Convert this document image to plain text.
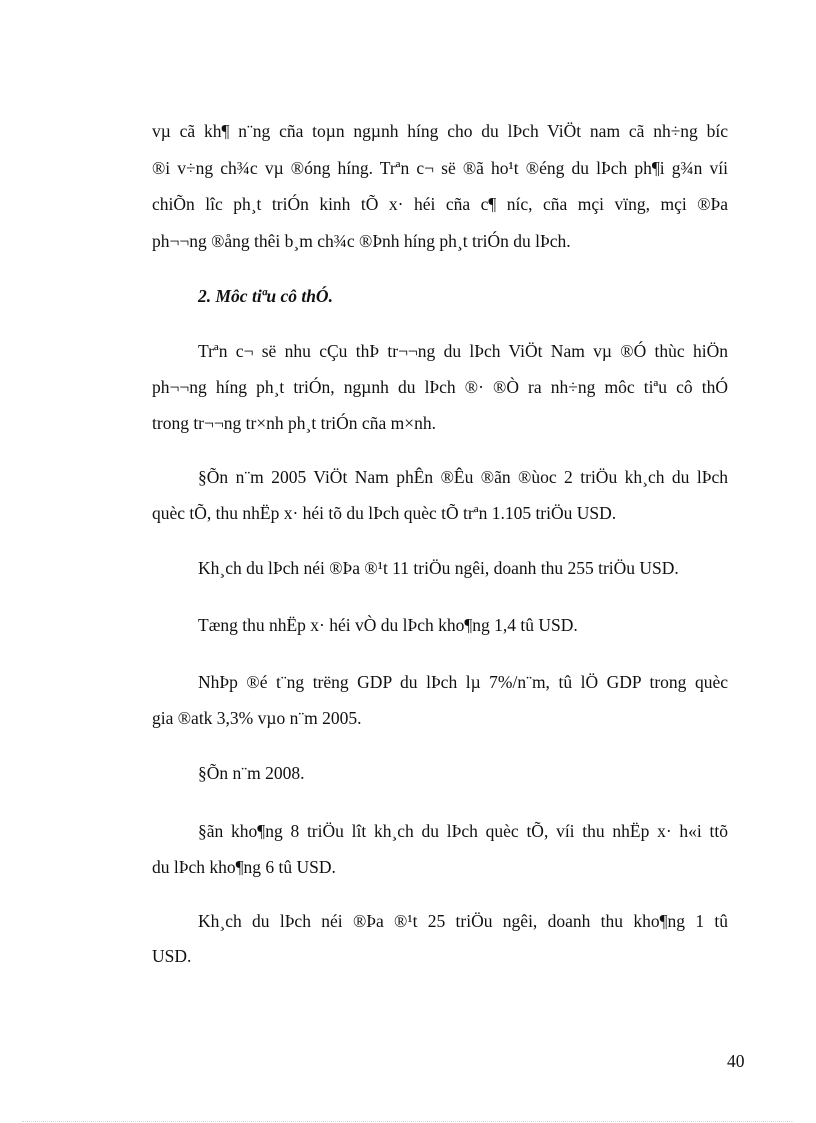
vµ cã kh¶ n¨ng cña toµn ngµnh híng cho du lÞch ViÖt nam cã nh÷ng bíc

®i v÷ng ch¾c vµ ®óng híng. Trªn c¬ së ®ã ho¹t ®éng du lÞch ph¶i g¾n víi

chiÕn lîc ph¸t triÓn kinh tÕ x· héi cña c¶ níc, cña mçi vïng, mçi ®Þa

ph¬¬ng ®ång thêi b¸m ch¾c ®Þnh híng ph¸t triÓn du lÞch.

2. Môc tiªu cô thÓ.

Trªn c¬ së nhu cÇu thÞ tr¬¬ng du lÞch ViÖt Nam vµ ®Ó thùc hiÖn

ph¬¬ng híng ph¸t triÓn, ngµnh du lÞch ®· ®Ò ra nh÷ng môc tiªu cô thÓ

trong tr¬¬ng tr×nh ph¸t triÓn cña m×nh.

§Õn n¨m 2005 ViÖt Nam phÊn ®Êu ®ãn ®ùoc 2 triÖu kh¸ch du lÞch

quèc tÕ, thu nhËp x· héi tõ du lÞch quèc tÕ trªn 1.105 triÖu USD.

Kh¸ch du lÞch néi ®Þa ®¹t 11 triÖu ngêi, doanh thu 255 triÖu USD.

Tæng thu nhËp x· héi vÒ du lÞch kho¶ng 1,4 tû USD.

NhÞp ®é t¨ng trëng GDP du lÞch lµ 7%/n¨m, tû lÖ GDP trong quèc

gia ®atk 3,3% vµo n¨m 2005.

§Õn n¨m 2008.

§ãn kho¶ng 8 triÖu lît kh¸ch du lÞch quèc tÕ, víi thu nhËp x· h«i ttõ

du lÞch kho¶ng 6 tû USD.

Kh¸ch du lÞch néi ®Þa ®¹t 25 triÖu ngêi, doanh thu kho¶ng 1 tû

USD.

40
